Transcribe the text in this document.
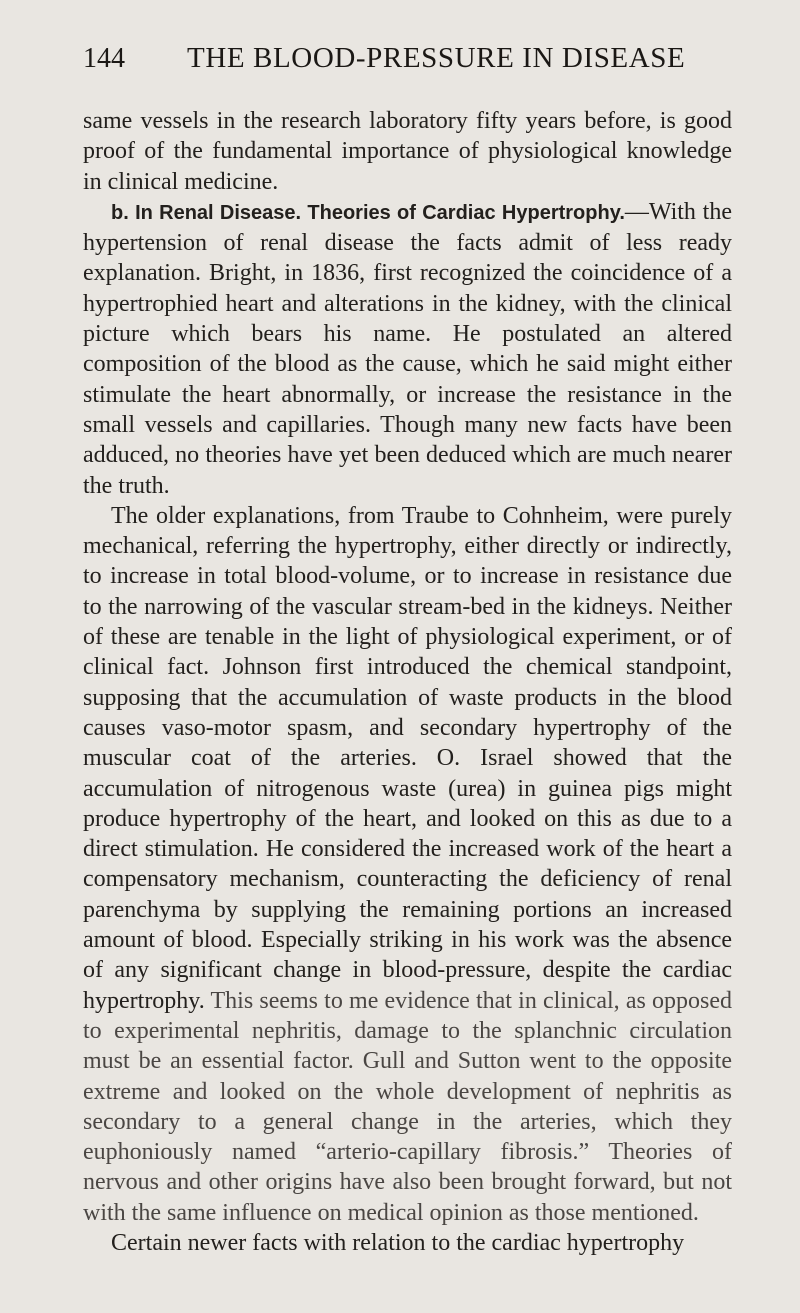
144	THE BLOOD-PRESSURE IN DISEASE

same vessels in the research laboratory fifty years before, is good proof of the fundamental importance of physiological knowledge in clinical medicine.

b. In Renal Disease. Theories of Cardiac Hypertrophy.—With the hypertension of renal disease the facts admit of less ready explanation. Bright, in 1836, first recognized the coincidence of a hypertrophied heart and alterations in the kidney, with the clinical picture which bears his name. He postulated an altered composition of the blood as the cause, which he said might either stimulate the heart abnormally, or increase the resistance in the small vessels and capillaries. Though many new facts have been adduced, no theories have yet been deduced which are much nearer the truth.

The older explanations, from Traube to Cohnheim, were purely mechanical, referring the hypertrophy, either directly or indirectly, to increase in total blood-volume, or to increase in resistance due to the narrowing of the vascular stream-bed in the kidneys. Neither of these are tenable in the light of physiological experiment, or of clinical fact. Johnson first introduced the chemical standpoint, supposing that the accumulation of waste products in the blood causes vaso-motor spasm, and secondary hypertrophy of the muscular coat of the arteries. O. Israel showed that the accumulation of nitrogenous waste (urea) in guinea pigs might produce hypertrophy of the heart, and looked on this as due to a direct stimulation. He considered the increased work of the heart a compensatory mechanism, counteracting the deficiency of renal parenchyma by supplying the remaining portions an increased amount of blood. Especially striking in his work was the absence of any significant change in blood-pressure, despite the cardiac hypertrophy. This seems to me evidence that in clinical, as opposed to experimental nephritis, damage to the splanchnic circulation must be an essential factor. Gull and Sutton went to the opposite extreme and looked on the whole development of nephritis as secondary to a general change in the arteries, which they euphoniously named “arterio-capillary fibrosis.” Theories of nervous and other origins have also been brought forward, but not with the same influence on medical opinion as those mentioned.

Certain newer facts with relation to the cardiac hypertrophy
